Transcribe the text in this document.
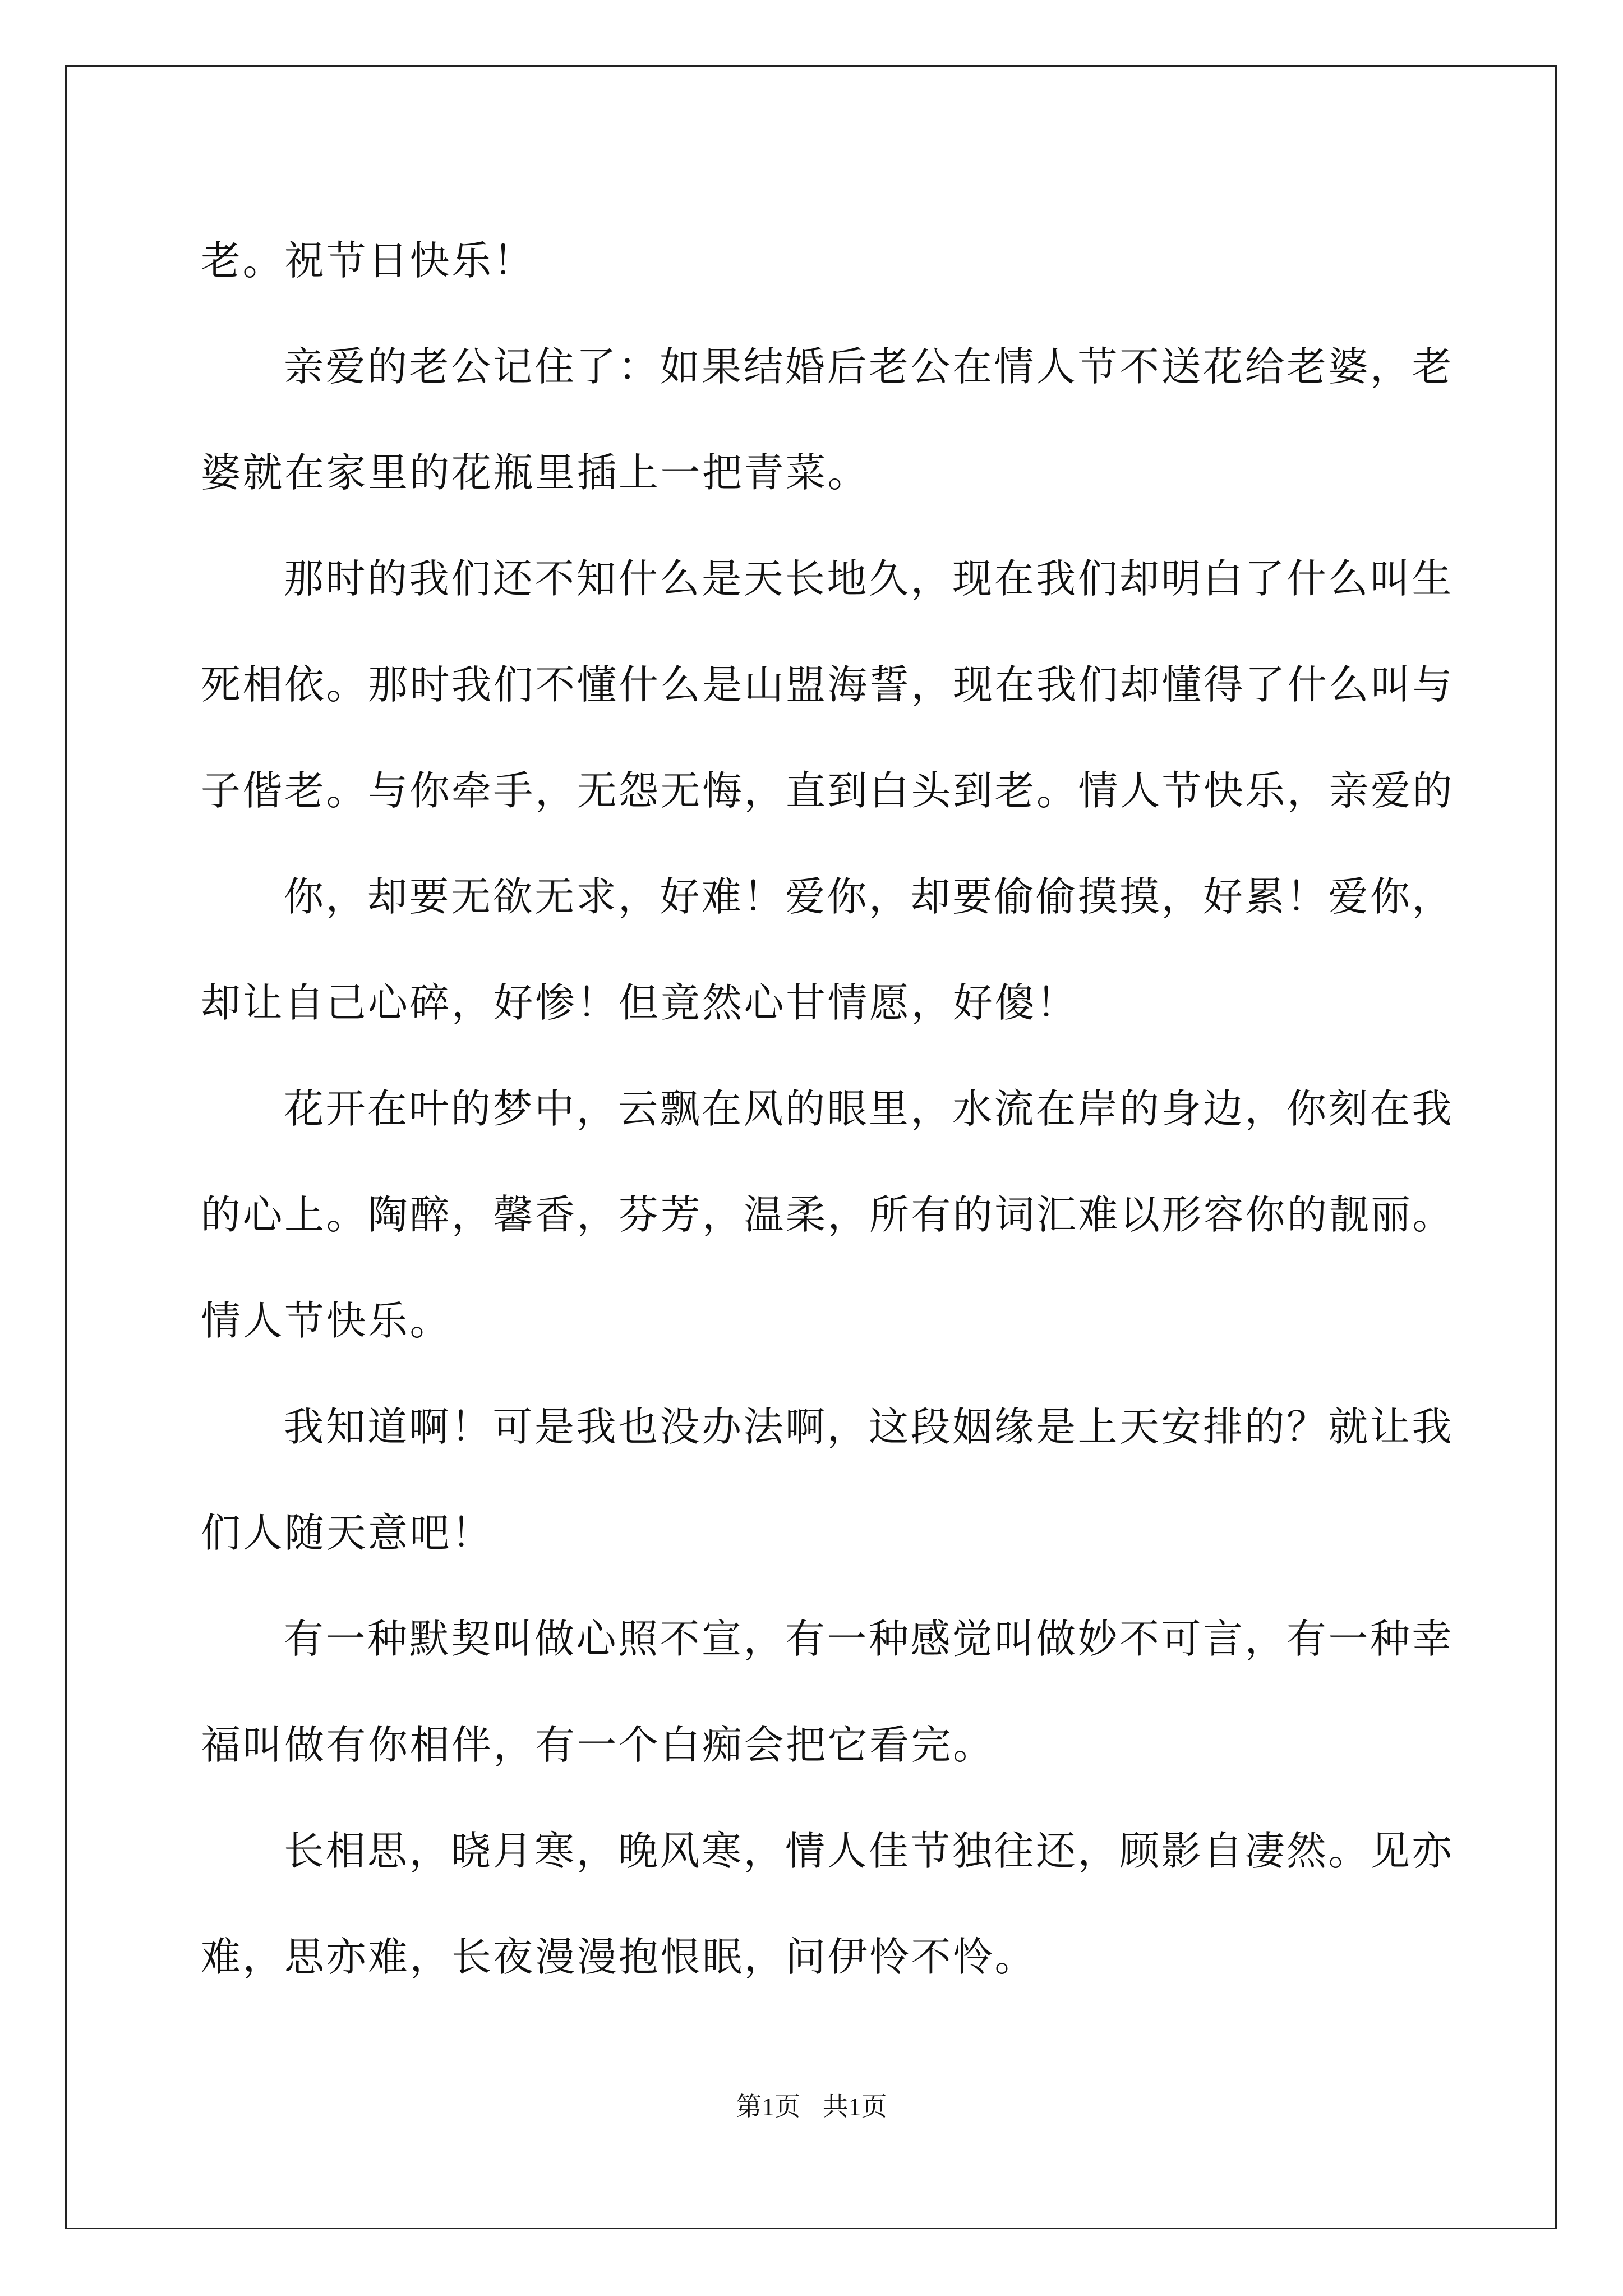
老。祝节日快乐！
亲爱的老公记住了：如果结婚后老公在情人节不送花给老婆，老
婆就在家里的花瓶里插上一把青菜。
那时的我们还不知什么是天长地久，现在我们却明白了什么叫生
死相依。那时我们不懂什么是山盟海誓，现在我们却懂得了什么叫与
子偕老。与你牵手，无怨无悔，直到白头到老。情人节快乐，亲爱的
你，却要无欲无求，好难！爱你，却要偷偷摸摸，好累！爱你，
却让自己心碎，好惨！但竟然心甘情愿，好傻！
花开在叶的梦中，云飘在风的眼里，水流在岸的身边，你刻在我
的心上。陶醉，馨香，芬芳，温柔，所有的词汇难以形容你的靓丽。
情人节快乐。
我知道啊！可是我也没办法啊，这段姻缘是上天安排的？就让我
们人随天意吧！
有一种默契叫做心照不宣，有一种感觉叫做妙不可言，有一种幸
福叫做有你相伴，有一个白痴会把它看完。
长相思，晓月寒，晚风寒，情人佳节独往还，顾影自凄然。见亦
难，思亦难，长夜漫漫抱恨眠，问伊怜不怜。
第1页 共1页
